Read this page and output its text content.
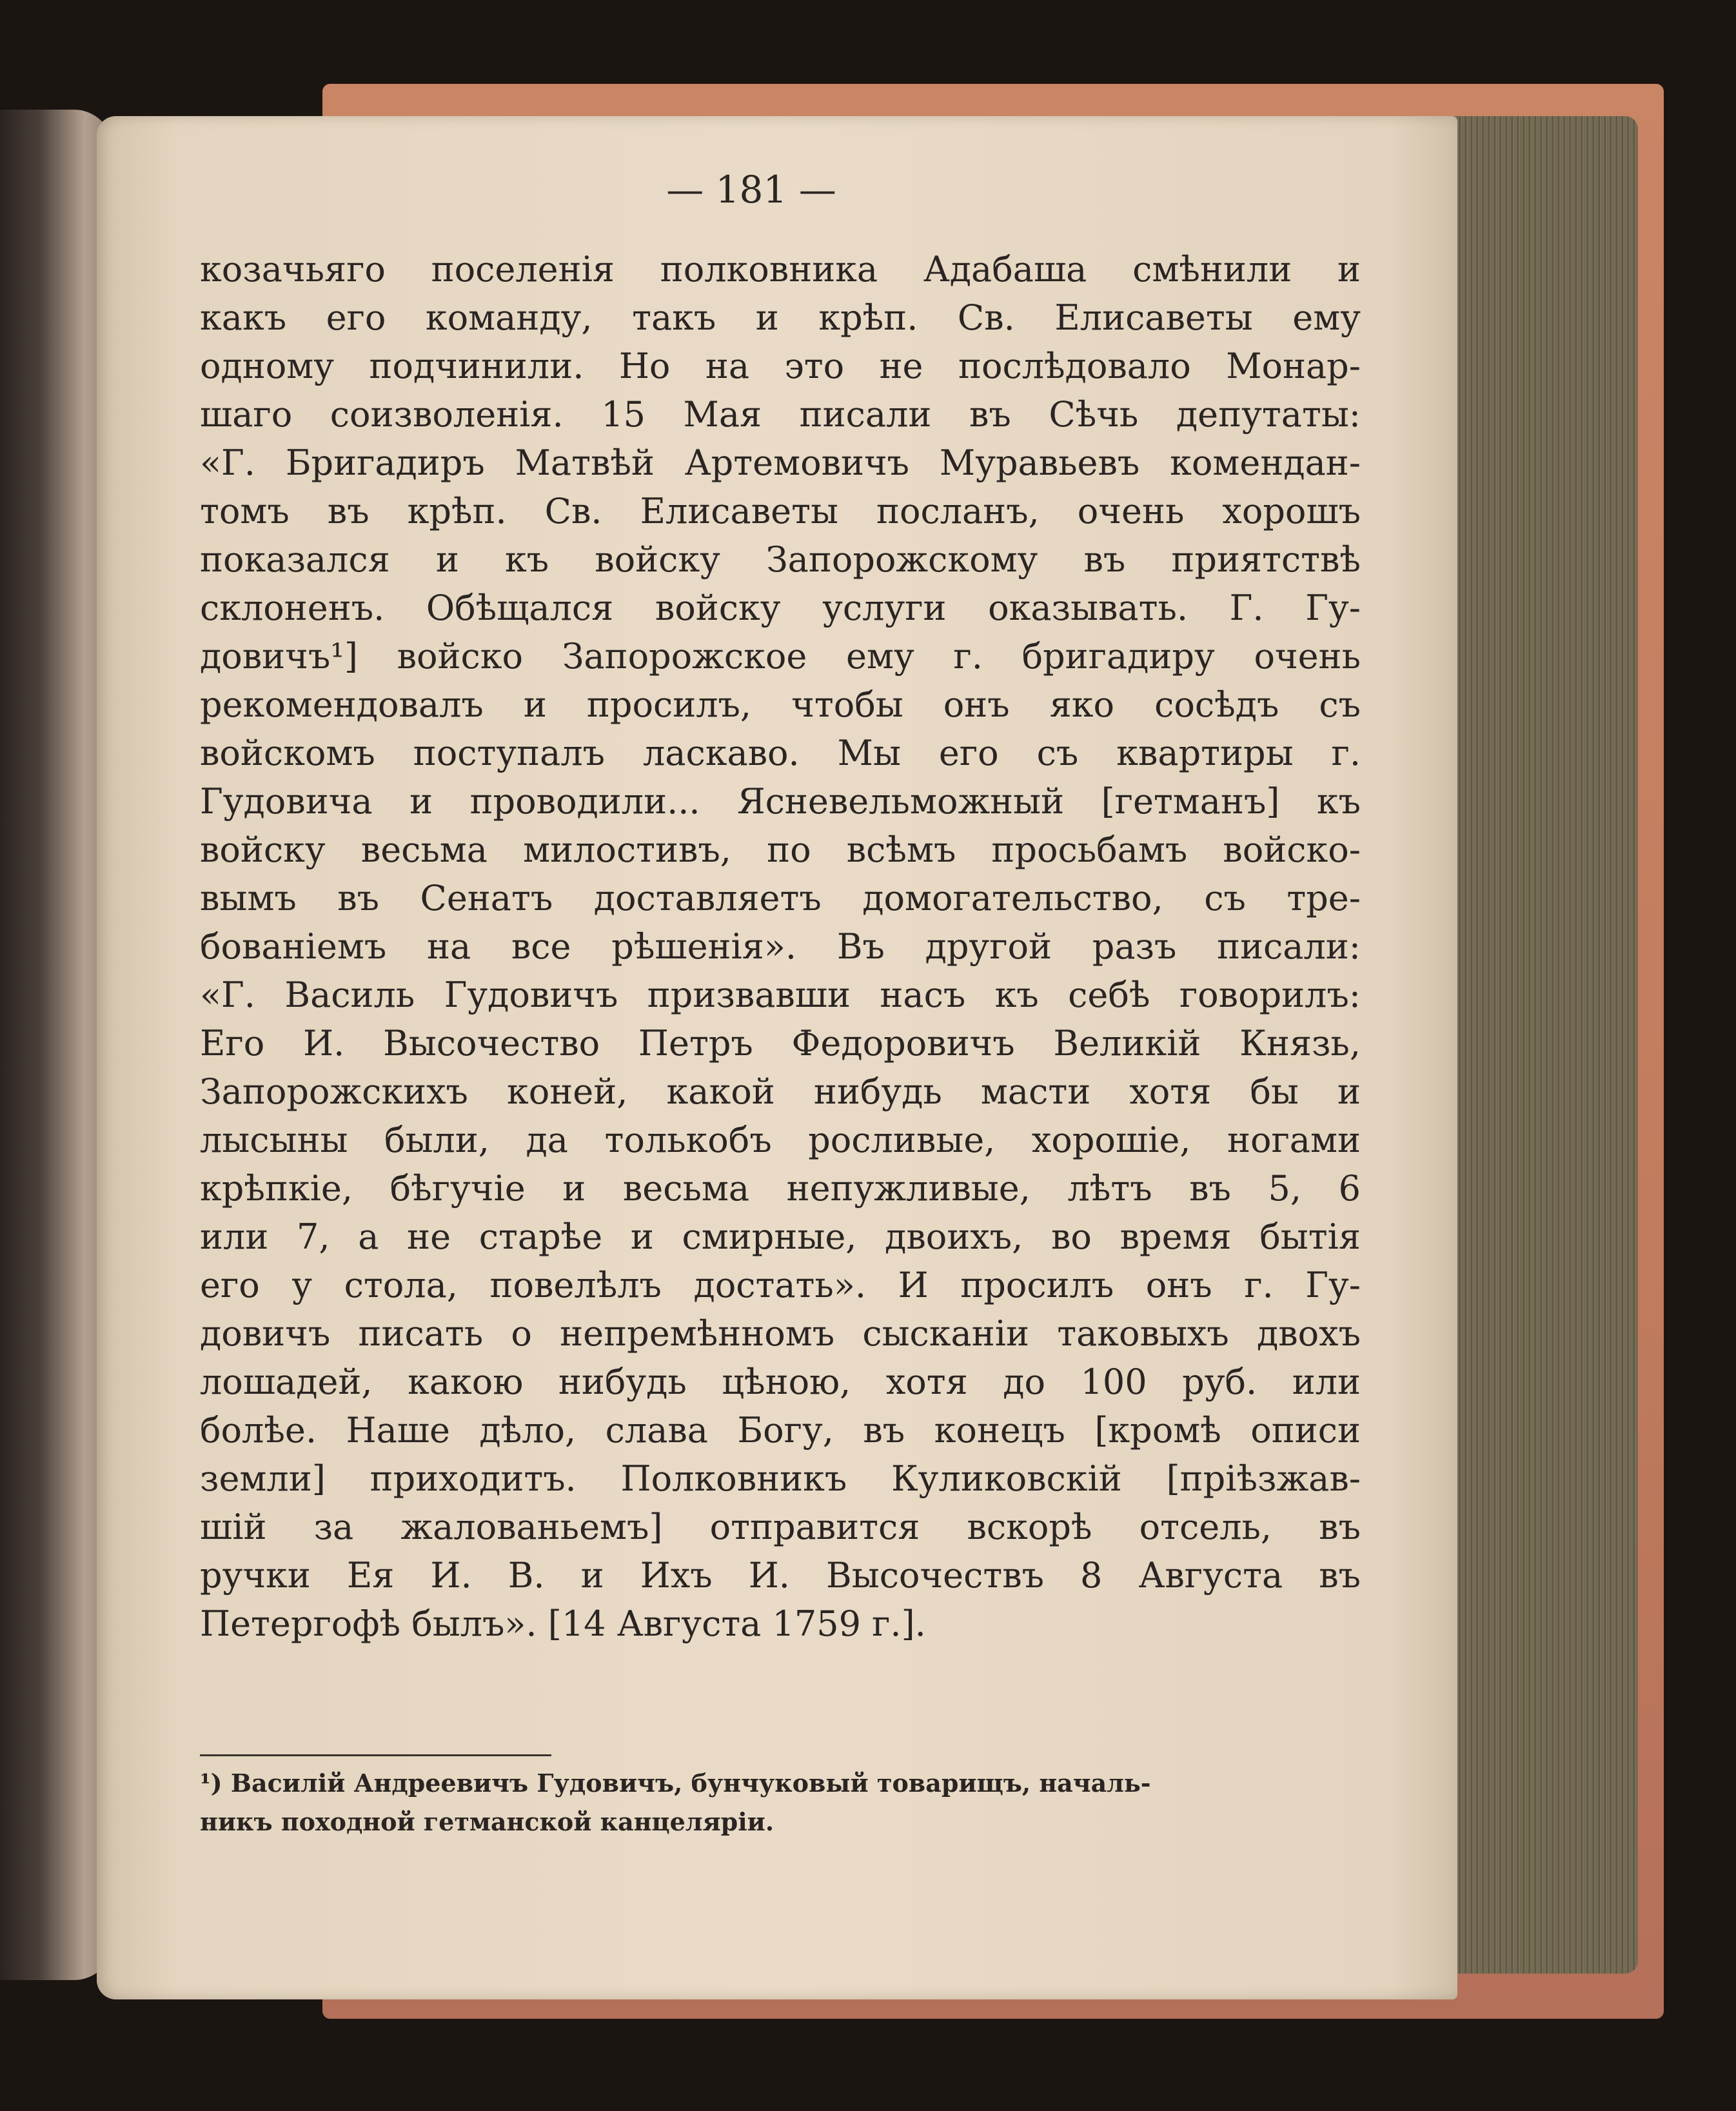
— 181 —
козачьяго поселенія полковника Адабаша смѣнили и
какъ его команду, такъ и крѣп. Св. Елисаветы ему
одному подчинили. Но на это не послѣдовало Монар-
шаго соизволенія. 15 Мая писали въ Сѣчь депутаты:
«Г. Бригадиръ Матвѣй Артемовичъ Муравьевъ комендан-
томъ въ крѣп. Св. Елисаветы посланъ, очень хорошъ
показался и къ войску Запорожскому въ приятствѣ
склоненъ. Обѣщался войску услуги оказывать. Г. Гу-
довичъ¹] войско Запорожское ему г. бригадиру очень
рекомендовалъ и просилъ, чтобы онъ яко сосѣдъ съ
войскомъ поступалъ ласкаво. Мы его съ квартиры г.
Гудовича и проводили... Ясневельможный [гетманъ] къ
войску весьма милостивъ, по всѣмъ просьбамъ войско-
вымъ въ Сенатъ доставляетъ домогательство, съ тре-
бованіемъ на все рѣшенія». Въ другой разъ писали:
«Г. Василь Гудовичъ призвавши насъ къ себѣ говорилъ:
Его И. Высочество Петръ Федоровичъ Великій Князь,
Запорожскихъ коней, какой нибудь масти хотя бы и
лысыны были, да толькобъ росливые, хорошіе, ногами
крѣпкіе, бѣгучіе и весьма непужливые, лѣтъ въ 5, 6
или 7, а не старѣе и смирные, двоихъ, во время бытія
его у стола, повелѣлъ достать». И просилъ онъ г. Гу-
довичъ писать о непремѣнномъ сысканіи таковыхъ двохъ
лошадей, какою нибудь цѣною, хотя до 100 руб. или
болѣе. Наше дѣло, слава Богу, въ конецъ [кромѣ описи
земли] приходитъ. Полковникъ Куликовскій [пріѣзжав-
шій за жалованьемъ] отправится вскорѣ отсель, въ
ручки Ея И. В. и Ихъ И. Высочествъ 8 Августа въ
Петергофѣ былъ». [14 Августа 1759 г.].
¹) Василій Андреевичъ Гудовичъ, бунчуковый товарищъ, началь-
никъ походной гетманской канцеляріи.
